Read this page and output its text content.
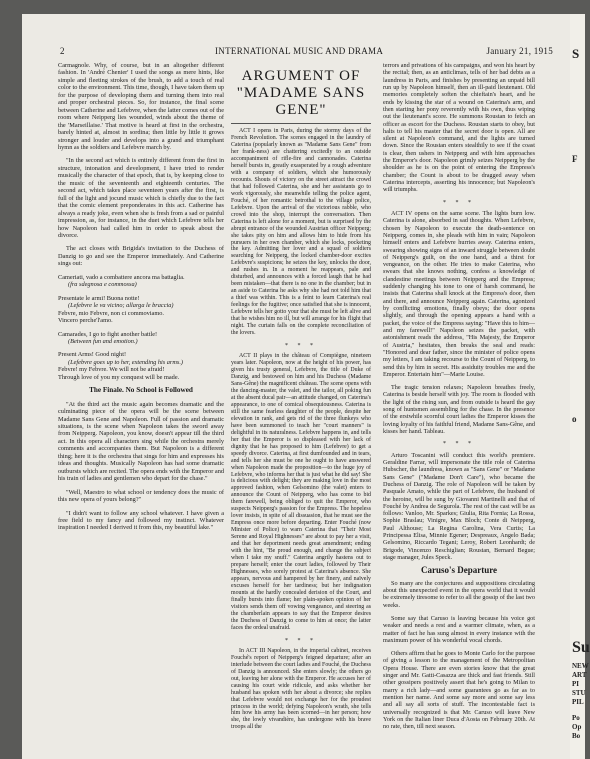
S
F
o
Su
NEW
ART
PI
STU
PIL
Po
Op
Bo
2	INTERNATIONAL MUSIC AND DRAMA	January 21, 1915

Carmagnole. Why, of course, but in an altogether different fashion. In 'André Chenier' I used the songs as mere hints, like simple and fleeting strokes of the brush, to add a touch of real color to the environment. This time, though, I have taken them up for the purpose of developing them and turning them into real and proper orchestral pieces. So, for instance, the final scene between Catherine and Lefebvre, when the latter comes out of the room where Neipperg lies wounded, winds about the theme of the 'Marseillaise.' That motive is heard at first in the orchestra, barely hinted at, almost in sordina; then little by little it grows stronger and louder and develops into a grand and triumphant hymn as the soldiers and Lefebvre march by.

"In the second act which is entirely different from the first in structure, intonation and development, I have tried to render musically the character of that epoch, that is, by keeping close to the music of the seventeenth and eighteenth centuries. The second act, which takes place seventeen years after the first, is full of the light and jocund music which is chiefly due to the fact that the comic element preponderates in this act. Catherine has always a ready joke, even when she is fresh from a sad or painful impression, as, for instance, in the duet which Lefebvre tells her how Napoleon had called him in order to speak about the divorce.

The act closes with Brigida's invitation to the Duchess of Danzig to go and see the Emperor immediately. And Catherine sings out:

Cameriati, vado a combattere ancora ma battaglia.
(fra sdegnosa e commossa)
Presentate le armi! Buona notte!
(Lefebvre le va vicino; allarga le braccia)
Febvre, mio Febvre, non ci commoviamo.
Vincero perche'l'amo.
Camarades, I go to fight another battle!
(Between fun and emotion.)
Present Arms! Good night!
(Lefebvre goes up to her, extending his arms.)
Febvre! my Febvre. We will not be afraid!
Through love of you my conquest will be made.
The Finale. No School is Followed

"At the third act the music again becomes dramatic and the culminating piece of the opera will be the scene between Madame Sans Gene and Napoleon. Full of passion and dramatic situations, is the scene when Napoleon takes the sword away from Neipperg. Napoleon, you know, doesn't appear till the third act. In this opera all characters sing while the orchestra merely comments and accompanies them. But Napoleon is a different thing; here it is the orchestra that sings for him and expresses his ideas and thoughts. Musically Napoleon has had some dramatic outbursts which are recited. The opera ends with the Emperor and his train of ladies and gentlemen who depart for the chase."

"Well, Maestro to what school or tendency does the music of this new opera of yours belong?"

"I didn't want to follow any school whatever. I have given a free field to my fancy and followed my instinct. Whatever inspiration I needed I derived it from this, my beautiful lake."

ARGUMENT OF
"MADAME SANS GENE"

ACT I opens in Paris, during the stormy days of the French Revolution. The scenes engaged in the laundry of Caterina (popularly known as "Madame Sans Gene" from her frank-ness) are chattering excitedly to an outside accompaniment of rifle-fire and cannonades. Caterina herself bursts in, greatly exasperated by a rough adventure with a company of soldiers, which she humorously recounts. Shouts of victory on the street attract the crowd that had followed Caterina, she and her assistants go to work vigorously, she meanwhile telling the police agent, Fouché, of her romantic betrothal to the village police, Lefebvre. Upon the arrival of the victorious rabble, who crowd into the shop, interrupt the conversation. Then Caterina is left alone for a moment, but is surprised by the abrupt entrance of the wounded Austrian officer Neipperg; she takes pity on him and allows him to hide from his pursuers in her own chamber, which she locks, pocketing the key. Admitting her lover and a squad of soldiers searching for Neipperg, the locked chamber-door excites Lefebvre's suspicions; he seizes the key, unlocks the door, and rushes in. In a moment he reappears, pale and disturbed, and announces with a forced laugh that he had been mistaken—that there is no one in the chamber; but in an aside to Caterina he asks why she had not told him that a thief was within. This is a feint to learn Caterina's real feelings for the fugitive; once satisfied that she is innocent, Lefebvre tells her gotto your that she must be left alive and that he wishes him no ill, but will arrange for his flight that night. The curtain falls on the complete reconciliation of the lovers.

* * *

ACT II plays in the château of Compiègne, nineteen years later. Napoleon, now at the height of his power, has given his trusty general, Lefebvre, the title of Duke of Danzig, and bestowed on him and his Duchess (Madame Sans-Gêne) the magnificent château. The scene opens with the dancing-master, the valet, and the tailor, all poking fun at the absent ducal pair—an attitude changed, on Caterina's appearance, to one of comical obsequiousness. Caterina is still the same fearless daughter of the people, despite her elevation in rank, and gets rid of the three flunkeys who have been summoned to teach her "court manners" is delightful in its naturalness. Lefebvre happens in, and tells her that the Emperor is so displeased with her lack of dignity that he has proposed to him (Lefebvre) to get a speedy divorce. Caterina, at first dumfounded and in tears, and tells her she must be one he ought to have answered when Napoleon made the proposition—to the huge joy of Lefebvre, who informs her that is just what he did say! She is delicious with delight; they are making love in the most approved fashion, when Gelsomino (the valet) enters to announce the Count of Neipperg, who has come to bid them farewell, being obliged to quit the Emperor, who suspects Neipperg's passion for the Empress. The hopeless lover insists, in spite of all dissuasion, that he must see the Empress once more before departing. Enter Fouché (now Minister of Police) to warn Caterina that "Their Most Serene and Royal Highnesses" are about to pay her a visit, and that her deportment needs great amendment; ending with the hint, "Be proud enough, and change the subject when I take my snuff." Caterina angrily hastens out to prepare herself; enter the court ladies, followed by Their Highnesses, who sorely protest at Caterina's absence. She appears, nervous and hampered by her finery, and naïvely excuses herself for her tardiness; but her indignation mounts at the hardly concealed derision of the Court, and finally bursts into flame; her plain-spoken opinion of her visitors sends them off vowing vengeance, and steering as the chamberlain appears to say that the Emperor desires the Duchess of Danzig to come to him at once; the latter faces the ordeal unafraid.

* * *

In ACT III Napoleon, in the imperial cabinet, receives Fouché's report of Neipperg's feigned departure; after an interlude between the court ladies and Fouché, the Duchess of Danzig is announced. She enters slowly; the others go out, leaving her alone with the Emperor. He accuses her of causing his court wide ridicule, and asks whether her husband has spoken with her about a divorce; she replies that Lefebvre would not exchange her for the proudest princess in the world; defying Napoleon's wrath, she tells him how his army has been scorned—in her person; how she, the lowly vivandière, has undergone with his brave troops all the

terrors and privations of his campaigns, and won his heart by the recital; then, as an anticlimax, tells of her bad debts as a laundress in Paris, and finishes by presenting an unpaid bill run up by Napoleon himself, then an ill-paid lieutenant. Old memories completely soften the chieftain's heart, and he ends by kissing the star of a wound on Caterina's arm, and then starting her pony reverently with his own, thus wiping out the lieutenant's score. He summons Roustan to fetch an officer as escort for the Duchess. Roustan starts to obey, but halts to tell his master that the secret door is open. All are silent at Napoleon's command, and the lights are turned down. Since the Roustan enters stealthily to see if the coast is clear, then ushers in Neipperg and with him approaches the Emperor's door. Napoleon grimly seizes Neipperg by the shoulder as he is on the point of entering the Empress's chamber; the Count is about to be dragged away when Caterina intercepts, asserting his innocence; but Napoleon's will triumphs.

* * *

ACT IV opens on the same scene. The lights burn low. Caterina is alone, absorbed in sad thoughts. When Lefebvre, chosen by Napoleon to execute the death-sentence on Neipperg, comes in, she pleads with him in vain; Napoleon himself enters and Lefebvre hurries away. Caterina enters, swearing showing signs of an inward struggle between doubt of Neipperg's guilt, on the one hand, and a thirst for vengeance, on the other. He tries to make Caterina, who swears that she knows nothing, confess a knowledge of clandestine meetings between Neipperg and the Empress; suddenly changing his tone to one of harsh command, he insists that Caterina shall knock at the Empress's door, then and there, and announce Neipperg again. Caterina, agonized by conflicting emotions, finally obeys; the door opens slightly, and through the opening appears a hand with a packet, the voice of the Empress saying: "Have this to him—and my farewell!" Napoleon seizes the packet, with astonishment reads the address, "His Majesty, the Emperor of Austria," hesitates, then breaks the seal and reads: "Honored and dear father, since the minister of police opens my letters, I am taking recourse to the Count of Neipperg, to send this by him in secret. His assiduity troubles me and the Emperor. Entertain him"—Marie Louise.

The tragic tension relaxes; Napoleon breathes freely, Caterina is beside herself with joy. The room is flooded with the light of the rising sun, and from outside is heard the gay song of huntsmen assembling for the chase. In the presence of the erstwhile scornful court ladies the Emperor kisses the loving loyalty of his faithful friend, Madame Sans-Gêne, and kisses her hand. Tableau.

* * *

Arturo Toscanini will conduct this world's premiere. Geraldine Farrar, will impersonate the title role of Caterina Hubscher, the laundress, known as "Sans Gene" or "Madame Sans Gene" ("Madame Don't Care"), who became the Duchess of Danzig. The role of Napoleon will be taken by Pasquale Amato, while the part of Lefebvre, the husband of the heroine, will be sung by Giovanni Martinelli and that of Fouché by Andrea de Segurola. The rest of the cast will be as follows: Vanloo, Mr. Sparkes; Giulia, Rita Fornia; La Rossa, Sophie Braslau; Vinigre, Max Bloch; Conte di Neipperg, Paul Althouse; La Regina Carolina, Vera Curtis; La Principessa Elisa, Minnie Egener; Despreaux, Angelo Bada; Gelsomino, Riccardo Tegani; Leroy, Robert Leonhardt; de Brigode, Vincenzo Reschiglian; Roustan, Bernard Begue; stage manager, Jules Speck.

Caruso's Departure

So many are the conjectures and suppositions circulating about this unexpected event in the opera world that it would be extremely tiresome to refer to all the gossip of the last two weeks.

Some say that Caruso is leaving because his voice got weaker and needs a rest and a warmer climate, when, as a matter of fact he has sung almost in every instance with the maximum power of his wonderful vocal chords.

Others affirm that he goes to Monte Carlo for the purpose of giving a lesson to the management of the Metropolitan Opera House. There are even stories know that the great singer and Mr. Gatti-Casazza are thick and fast friends. Still other gossipers positively assert that he's going to Milan to marry a rich lady—and some guarantees go as far as to mention her name. And some say more and some say less and all say all sorts of stuff. The incontestable fact is universally recognized is that Mr. Caruso will leave New York on the Italian liner Duca d'Aosta on February 20th. At no rate, then, till next season.
